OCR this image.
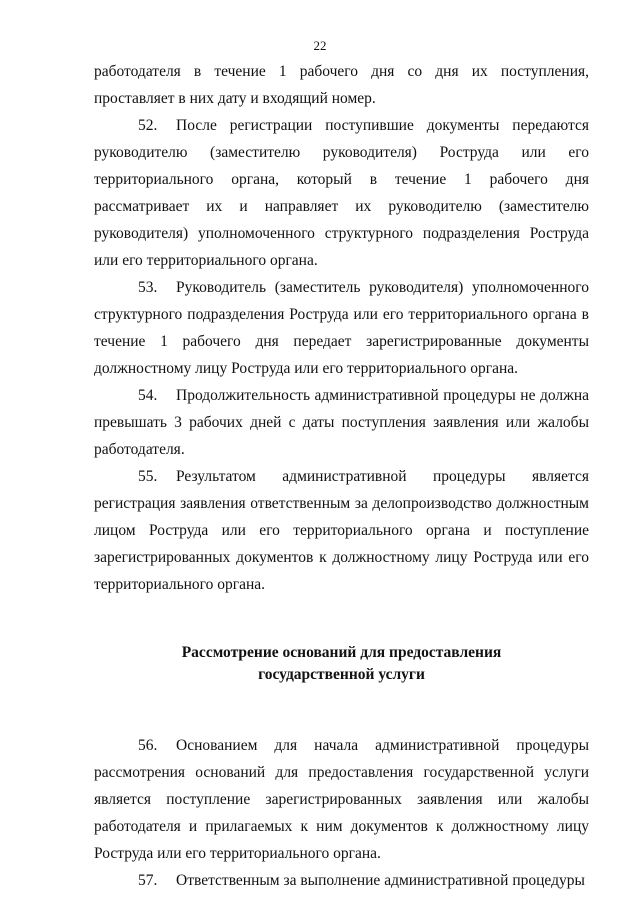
22

работодателя в течение 1 рабочего дня со дня их поступления, проставляет в них дату и входящий номер.

52. После регистрации поступившие документы передаются руководителю (заместителю руководителя) Роструда или его территориального органа, который в течение 1 рабочего дня рассматривает их и направляет их руководителю (заместителю руководителя) уполномоченного структурного подразделения Роструда или его территориального органа.

53. Руководитель (заместитель руководителя) уполномоченного структурного подразделения Роструда или его территориального органа в течение 1 рабочего дня передает зарегистрированные документы должностному лицу Роструда или его территориального органа.

54. Продолжительность административной процедуры не должна превышать 3 рабочих дней с даты поступления заявления или жалобы работодателя.

55. Результатом административной процедуры является регистрация заявления ответственным за делопроизводство должностным лицом Роструда или его территориального органа и поступление зарегистрированных документов к должностному лицу Роструда или его территориального органа.

Рассмотрение оснований для предоставления
государственной услуги

56. Основанием для начала административной процедуры рассмотрения оснований для предоставления государственной услуги является поступление зарегистрированных заявления или жалобы работодателя и прилагаемых к ним документов к должностному лицу Роструда или его территориального органа.

57. Ответственным за выполнение административной процедуры
